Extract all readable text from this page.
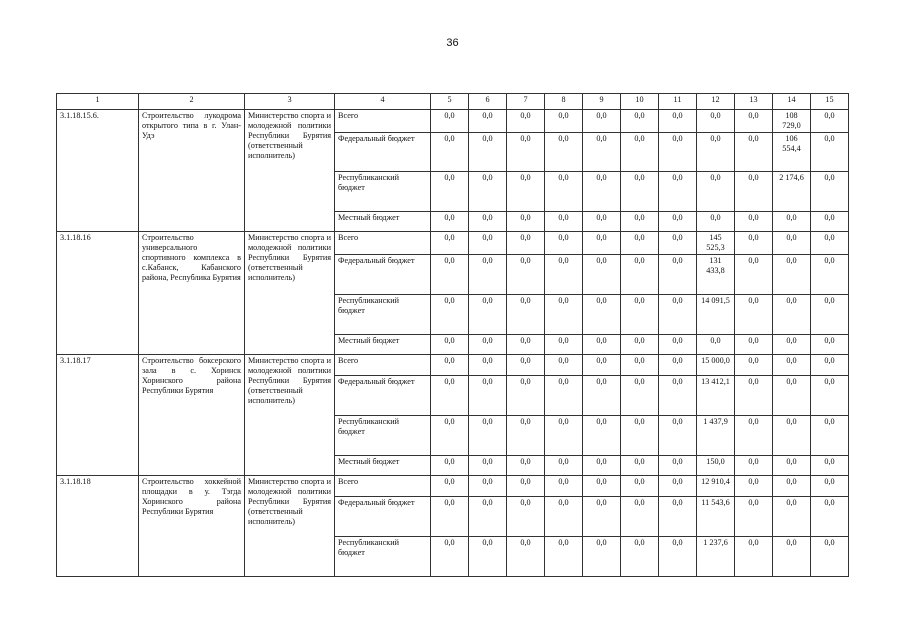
36
1	2	3	4	5	6	7	8	9	10	11	12	13	14	15
3.1.18.15.6.	Строительство лукодрома открытого типа в г. Улан-Удэ	Министерство спорта и молодежной политики Республики Бурятия (ответственный исполнитель)	Всего	0,0	0,0	0,0	0,0	0,0	0,0	0,0	0,0	0,0	108 729,0	0,0
			Федеральный бюджет	0,0	0,0	0,0	0,0	0,0	0,0	0,0	0,0	0,0	106 554,4	0,0
			Республиканский бюджет	0,0	0,0	0,0	0,0	0,0	0,0	0,0	0,0	0,0	2 174,6	0,0
			Местный бюджет	0,0	0,0	0,0	0,0	0,0	0,0	0,0	0,0	0,0	0,0	0,0
3.1.18.16	Строительство универсального спортивного комплекса в с.Кабанск, Кабанского района, Республика Бурятия	Министерство спорта и молодежной политики Республики Бурятия (ответственный исполнитель)	Всего	0,0	0,0	0,0	0,0	0,0	0,0	0,0	145 525,3	0,0	0,0	0,0
			Федеральный бюджет	0,0	0,0	0,0	0,0	0,0	0,0	0,0	131 433,8	0,0	0,0	0,0
			Республиканский бюджет	0,0	0,0	0,0	0,0	0,0	0,0	0,0	14 091,5	0,0	0,0	0,0
			Местный бюджет	0,0	0,0	0,0	0,0	0,0	0,0	0,0	0,0	0,0	0,0	0,0
3.1.18.17	Строительство боксерского зала в с. Хоринск Хоринского района Республики Бурятия	Министерство спорта и молодежной политики Республики Бурятия (ответственный исполнитель)	Всего	0,0	0,0	0,0	0,0	0,0	0,0	0,0	15 000,0	0,0	0,0	0,0
			Федеральный бюджет	0,0	0,0	0,0	0,0	0,0	0,0	0,0	13 412,1	0,0	0,0	0,0
			Республиканский бюджет	0,0	0,0	0,0	0,0	0,0	0,0	0,0	1 437,9	0,0	0,0	0,0
			Местный бюджет	0,0	0,0	0,0	0,0	0,0	0,0	0,0	150,0	0,0	0,0	0,0
3.1.18.18	Строительство хоккейной площадки в у. Тэгда Хоринского района Республики Бурятия	Министерство спорта и молодежной политики Республики Бурятия (ответственный исполнитель)	Всего	0,0	0,0	0,0	0,0	0,0	0,0	0,0	12 910,4	0,0	0,0	0,0
			Федеральный бюджет	0,0	0,0	0,0	0,0	0,0	0,0	0,0	11 543,6	0,0	0,0	0,0
			Республиканский бюджет	0,0	0,0	0,0	0,0	0,0	0,0	0,0	1 237,6	0,0	0,0	0,0
